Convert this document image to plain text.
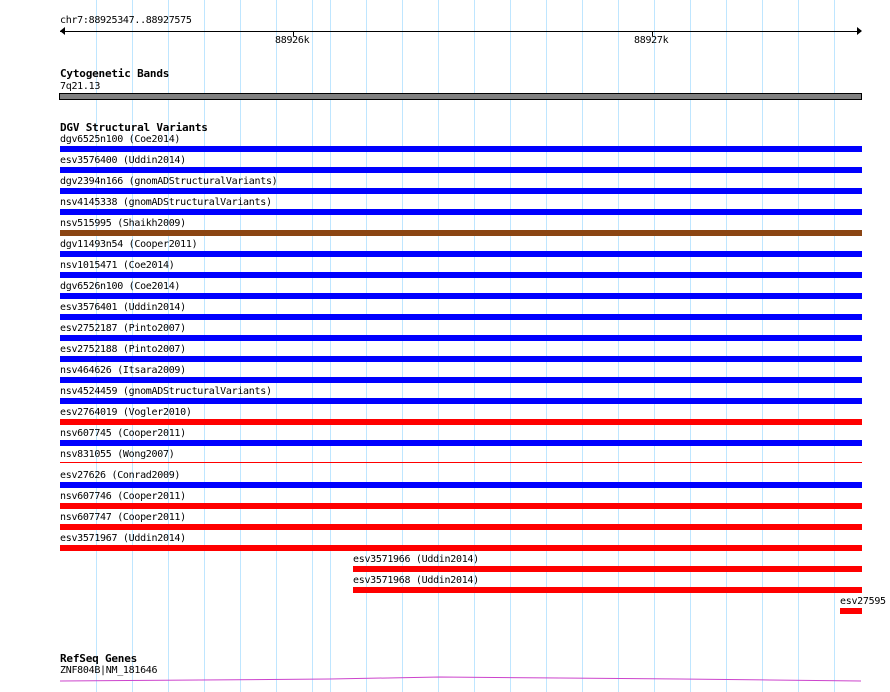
chr7:88925347..88927575
88926k	88927k
Cytogenetic Bands
7q21.13
DGV Structural Variants
dgv6525n100 (Coe2014)
esv3576400 (Uddin2014)
dgv2394n166 (gnomADStructuralVariants)
nsv4145338 (gnomADStructuralVariants)
nsv515995 (Shaikh2009)
dgv11493n54 (Cooper2011)
nsv1015471 (Coe2014)
dgv6526n100 (Coe2014)
esv3576401 (Uddin2014)
esv2752187 (Pinto2007)
esv2752188 (Pinto2007)
nsv464626 (Itsara2009)
nsv4524459 (gnomADStructuralVariants)
esv2764019 (Vogler2010)
nsv607745 (Cooper2011)
nsv831055 (Wong2007)
esv27626 (Conrad2009)
nsv607746 (Cooper2011)
nsv607747 (Cooper2011)
esv3571967 (Uddin2014)
esv3571966 (Uddin2014)
esv3571968 (Uddin2014)
esv27595
RefSeq Genes
ZNF804B|NM_181646
